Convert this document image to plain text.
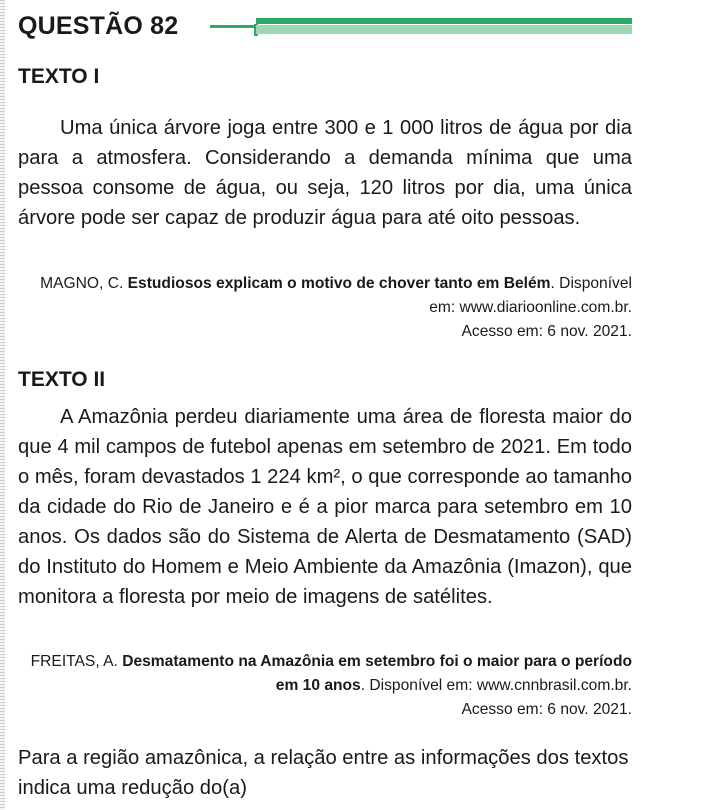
QUESTÃO 82
TEXTO I

Uma única árvore joga entre 300 e 1 000 litros de água por dia para a atmosfera. Considerando a demanda mínima que uma pessoa consome de água, ou seja, 120 litros por dia, uma única árvore pode ser capaz de produzir água para até oito pessoas.

MAGNO, C. Estudiosos explicam o motivo de chover tanto em Belém. Disponível em: www.diarioonline.com.br.
Acesso em: 6 nov. 2021.

TEXTO II

A Amazônia perdeu diariamente uma área de floresta maior do que 4 mil campos de futebol apenas em setembro de 2021. Em todo o mês, foram devastados 1 224 km², o que corresponde ao tamanho da cidade do Rio de Janeiro e é a pior marca para setembro em 10 anos. Os dados são do Sistema de Alerta de Desmatamento (SAD) do Instituto do Homem e Meio Ambiente da Amazônia (Imazon), que monitora a floresta por meio de imagens de satélites.

FREITAS, A. Desmatamento na Amazônia em setembro foi o maior para o período em 10 anos. Disponível em: www.cnnbrasil.com.br.
Acesso em: 6 nov. 2021.

Para a região amazônica, a relação entre as informações dos textos indica uma redução do(a)
